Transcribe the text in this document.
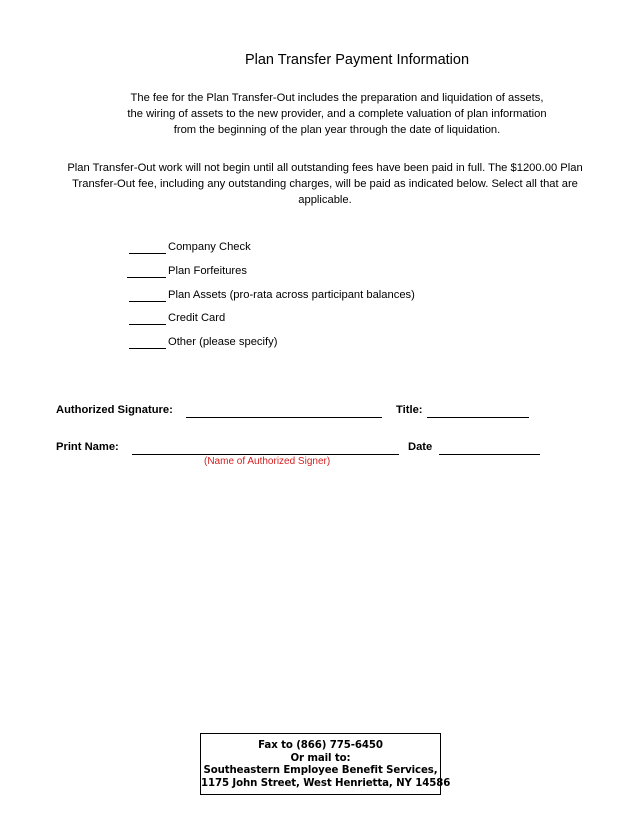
Plan Transfer Payment Information
The fee for the Plan Transfer-Out includes the preparation and liquidation of assets,
the wiring of assets to the new provider, and a complete valuation of plan information
from the beginning of the plan year through the date of liquidation.
Plan Transfer-Out work will not begin until all outstanding fees have been paid in full. The $1200.00 Plan
Transfer-Out fee, including any outstanding charges, will be paid as indicated below. Select all that are
applicable.
Company Check
Plan Forfeitures
Plan Assets (pro-rata across participant balances)
Credit Card
Other (please specify)
Authorized Signature:	Title:
Print Name:	Date
(Name of Authorized Signer)
Fax to (866) 775-6450
Or mail to:
Southeastern Employee Benefit Services,
1175 John Street, West Henrietta, NY 14586
